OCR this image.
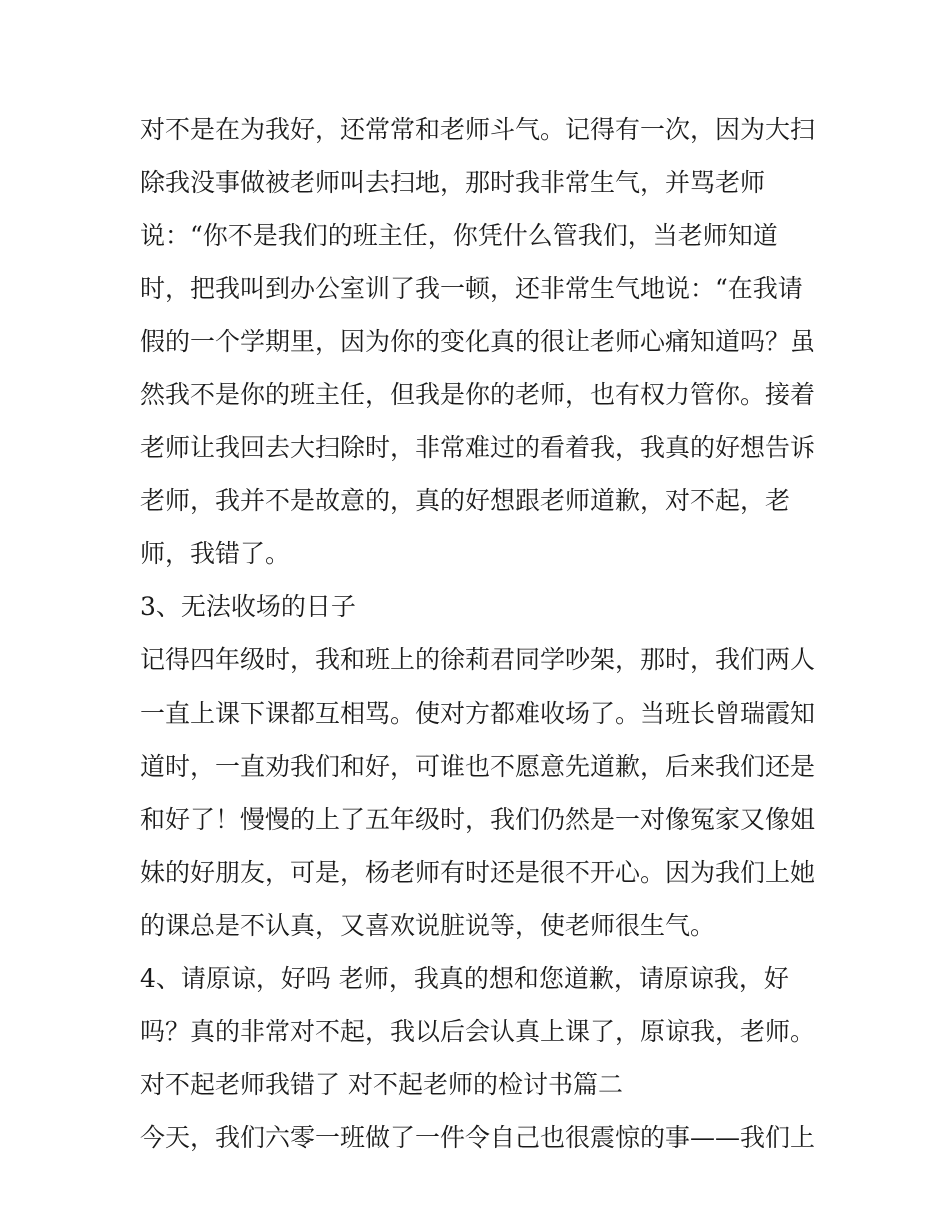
对不是在为我好，还常常和老师斗气。记得有一次，因为大扫
除我没事做被老师叫去扫地，那时我非常生气，并骂老师
说：“你不是我们的班主任，你凭什么管我们，当老师知道
时，把我叫到办公室训了我一顿，还非常生气地说：“在我请
假的一个学期里，因为你的变化真的很让老师心痛知道吗？虽
然我不是你的班主任，但我是你的老师，也有权力管你。接着
老师让我回去大扫除时，非常难过的看着我，我真的好想告诉
老师，我并不是故意的，真的好想跟老师道歉，对不起，老
师，我错了。
3、无法收场的日子
记得四年级时，我和班上的徐莉君同学吵架，那时，我们两人
一直上课下课都互相骂。使对方都难收场了。当班长曾瑞霞知
道时，一直劝我们和好，可谁也不愿意先道歉，后来我们还是
和好了！慢慢的上了五年级时，我们仍然是一对像冤家又像姐
妹的好朋友，可是，杨老师有时还是很不开心。因为我们上她
的课总是不认真，又喜欢说脏说等，使老师很生气。
4、请原谅，好吗 老师，我真的想和您道歉，请原谅我，好
吗？真的非常对不起，我以后会认真上课了，原谅我，老师。
对不起老师我错了 对不起老师的检讨书篇二
今天，我们六零一班做了一件令自己也很震惊的事——我们上
